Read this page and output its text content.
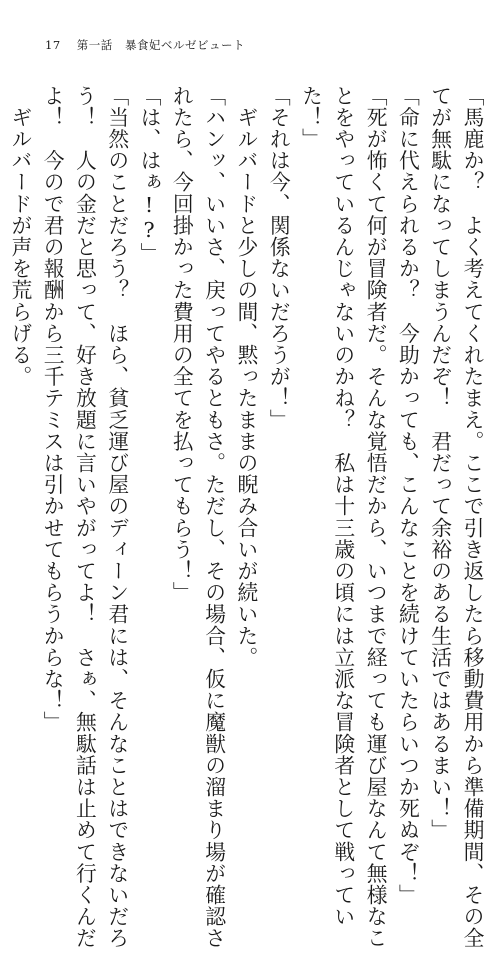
17 第一話 暴食妃ベルゼビュート
「馬鹿か？　よく考えてくれたまえ。ここで引き返したら移動費用から準備期間、その全
てが無駄になってしまうんだぞ！　君だって余裕のある生活ではあるまい！」
「命に代えられるか？　今助かっても、こんなことを続けていたらいつか死ぬぞ！」
「死が怖くて何が冒険者だ。そんな覚悟だから、いつまで経っても運び屋なんて無様なこ
とをやっているんじゃないのかね？　私は十三歳の頃には立派な冒険者として戦ってい
た！」
「それは今、関係ないだろうが！」
　ギルバードと少しの間、黙ったままの睨み合いが続いた。
「ハンッ、いいさ、戻ってやるともさ。ただし、その場合、仮に魔獣の溜まり場が確認さ
れたら、今回掛かった費用の全てを払ってもらう！」
「は、はぁ!?」
「当然のことだろう？　ほら、貧乏運び屋のディーン君には、そんなことはできないだろ
う！　人の金だと思って、好き放題に言いやがってよ！　さぁ、無駄話は止めて行くんだ
よ！　今ので君の報酬から三千テミスは引かせてもらうからな！」
　ギルバードが声を荒らげる。
